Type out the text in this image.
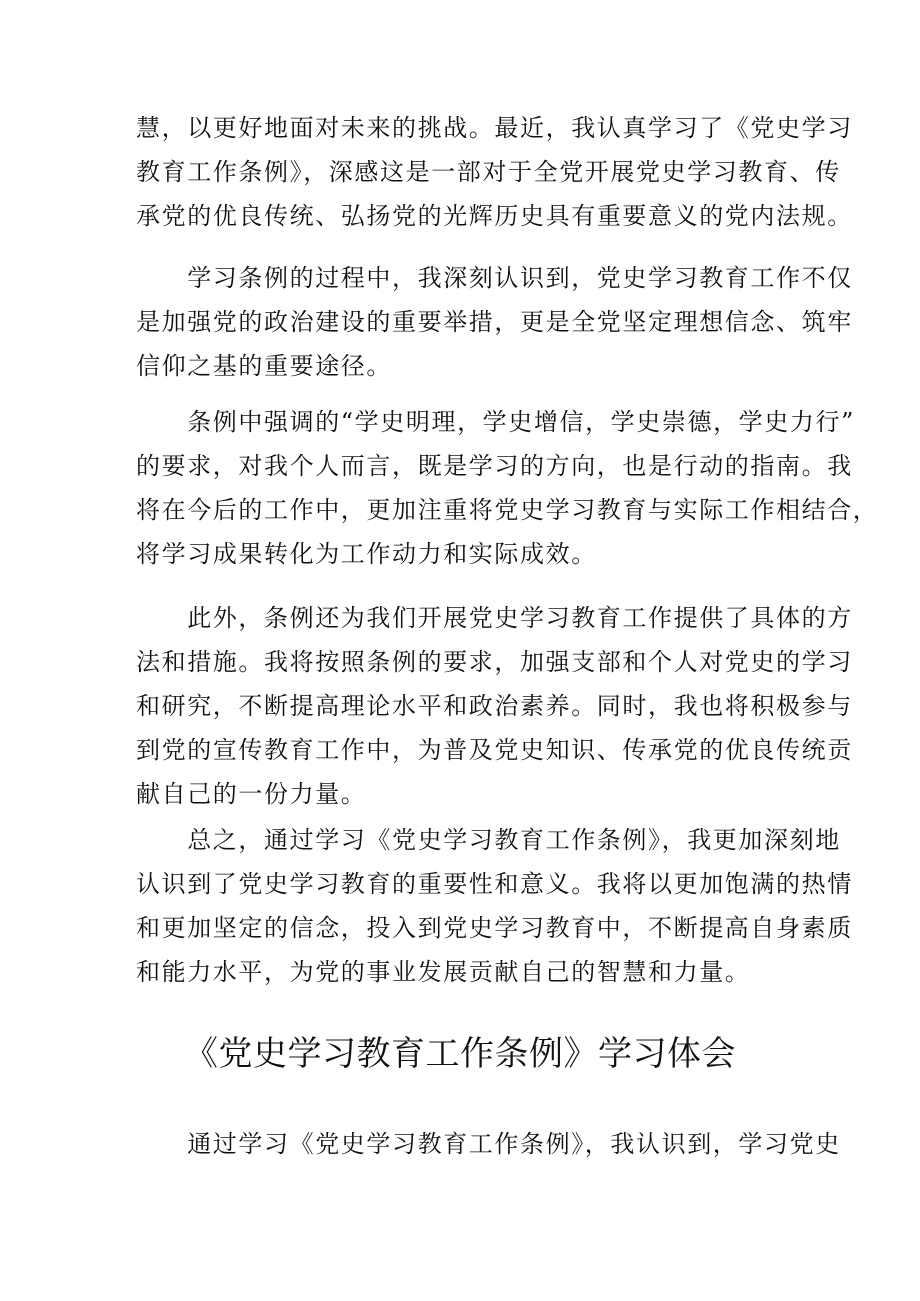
慧，以更好地面对未来的挑战。最近，我认真学习了《党史学习
教育工作条例》，深感这是一部对于全党开展党史学习教育、传
承党的优良传统、弘扬党的光辉历史具有重要意义的党内法规。
　　学习条例的过程中，我深刻认识到，党史学习教育工作不仅
是加强党的政治建设的重要举措，更是全党坚定理想信念、筑牢
信仰之基的重要途径。
　　条例中强调的“学史明理，学史增信，学史崇德，学史力行”
的要求，对我个人而言，既是学习的方向，也是行动的指南。我
将在今后的工作中，更加注重将党史学习教育与实际工作相结合，
将学习成果转化为工作动力和实际成效。
　　此外，条例还为我们开展党史学习教育工作提供了具体的方
法和措施。我将按照条例的要求，加强支部和个人对党史的学习
和研究，不断提高理论水平和政治素养。同时，我也将积极参与
到党的宣传教育工作中，为普及党史知识、传承党的优良传统贡
献自己的一份力量。
　　总之，通过学习《党史学习教育工作条例》，我更加深刻地
认识到了党史学习教育的重要性和意义。我将以更加饱满的热情
和更加坚定的信念，投入到党史学习教育中，不断提高自身素质
和能力水平，为党的事业发展贡献自己的智慧和力量。
《党史学习教育工作条例》学习体会
　　通过学习《党史学习教育工作条例》，我认识到，学习党史
